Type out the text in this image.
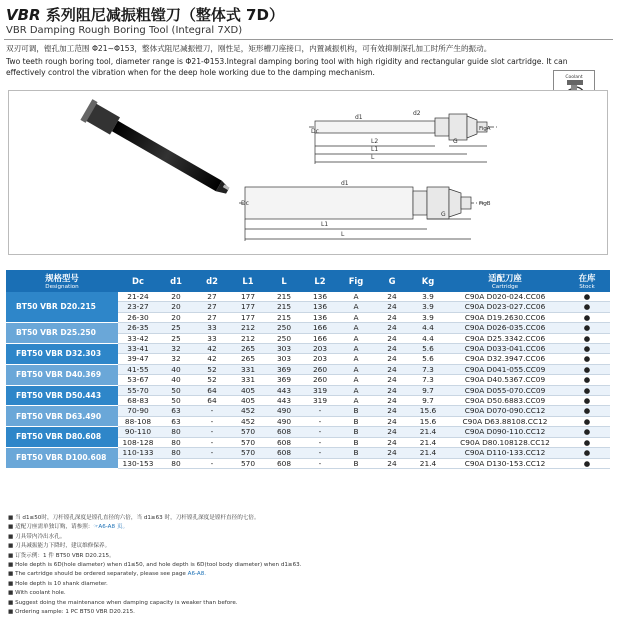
VBR 系列阻尼减振粗镗刀（整体式 7D）
VBR Damping Rough Boring Tool (Integral 7XD)
双刃可调，镗孔加工范围 Φ21~Φ153，整体式阻尼减振镗刀，刚性足，矩形槽刀座接口，内置减振机构，可有效抑制深孔加工时所产生的振动。
Two teeth rough boring tool, diameter range is Φ21-Φ153.Integral damping boring tool with high rigidity and rectangular guide slot cartridge. It can
effectively control the vibration when for the deep hole working due to the damping mechanism.
Coolant
Dc
d1
d2
L2
L1
L
G
FigA
Dc
d1
L1
L
G
FigB
规格型号
Designation	Dc	d1	d2	L1	L	L2	Fig	G	Kg	适配刀座
Cartridge	在库
Stock

BT50 VBR D20.215	21-24	20	27	177	215	136	A	24	3.9	C90A D020-024.CC06	●
	23-27	20	27	177	215	136	A	24	3.9	C90A D023-027.CC06	●
	26-30	20	27	177	215	136	A	24	3.9	C90A D19.2630.CC06	●
BT50 VBR D25.250	26-35	25	33	212	250	166	A	24	4.4	C90A D026-035.CC06	●
	33-42	25	33	212	250	166	A	24	4.4	C90A D25.3342.CC06	●
FBT50 VBR D32.303	33-41	32	42	265	303	203	A	24	5.6	C90A D033-041.CC06	●
	39-47	32	42	265	303	203	A	24	5.6	C90A D32.3947.CC06	●
FBT50 VBR D40.369	41-55	40	52	331	369	260	A	24	7.3	C90A D041-055.CC09	●
	53-67	40	52	331	369	260	A	24	7.3	C90A D40.5367.CC09	●
FBT50 VBR D50.443	55-70	50	64	405	443	319	A	24	9.7	C90A D055-070.CC09	●
	68-83	50	64	405	443	319	A	24	9.7	C90A D50.6883.CC09	●
FBT50 VBR D63.490	70-90	63	-	452	490	-	B	24	15.6	C90A D070-090.CC12	●
	88-108	63	-	452	490	-	B	24	15.6	C90A D63.88108.CC12	●
FBT50 VBR D80.608	90-110	80	-	570	608	-	B	24	21.4	C90A D090-110.CC12	●
	108-128	80	-	570	608	-	B	24	21.4	C90A D80.108128.CC12	●
FBT50 VBR D100.608	110-133	80	-	570	608	-	B	24	21.4	C90A D110-133.CC12	●
	130-153	80	-	570	608	-	B	24	21.4	C90A D130-153.CC12	●
■ 当 d1≤50时，刀杆镗孔深度是镗孔直径的六倍，当 d1≥63 时，刀杆镗孔深度是镗杆直径的七倍。
■ 适配刀座需单独订购，请参照：☞A6-A8 页。
■ 刀具带内冷出水孔。
■ 刀具减振能力下降时，建议维修保养。
■ 订货示例：1 件 BT50 VBR D20.215。
■ Hole depth is 6D(hole diameter) when d1≤50, and hole depth is 6D(tool body diameter) when d1≥63.
■ The cartridge should be ordered separately, please see page A6-A8.
■ Hole depth is 10 shank diameter.
■ With coolant hole.
■ Suggest doing the maintenance when damping capacity is weaker than before.
■ Ordering sample: 1 PC BT50 VBR D20.215.
